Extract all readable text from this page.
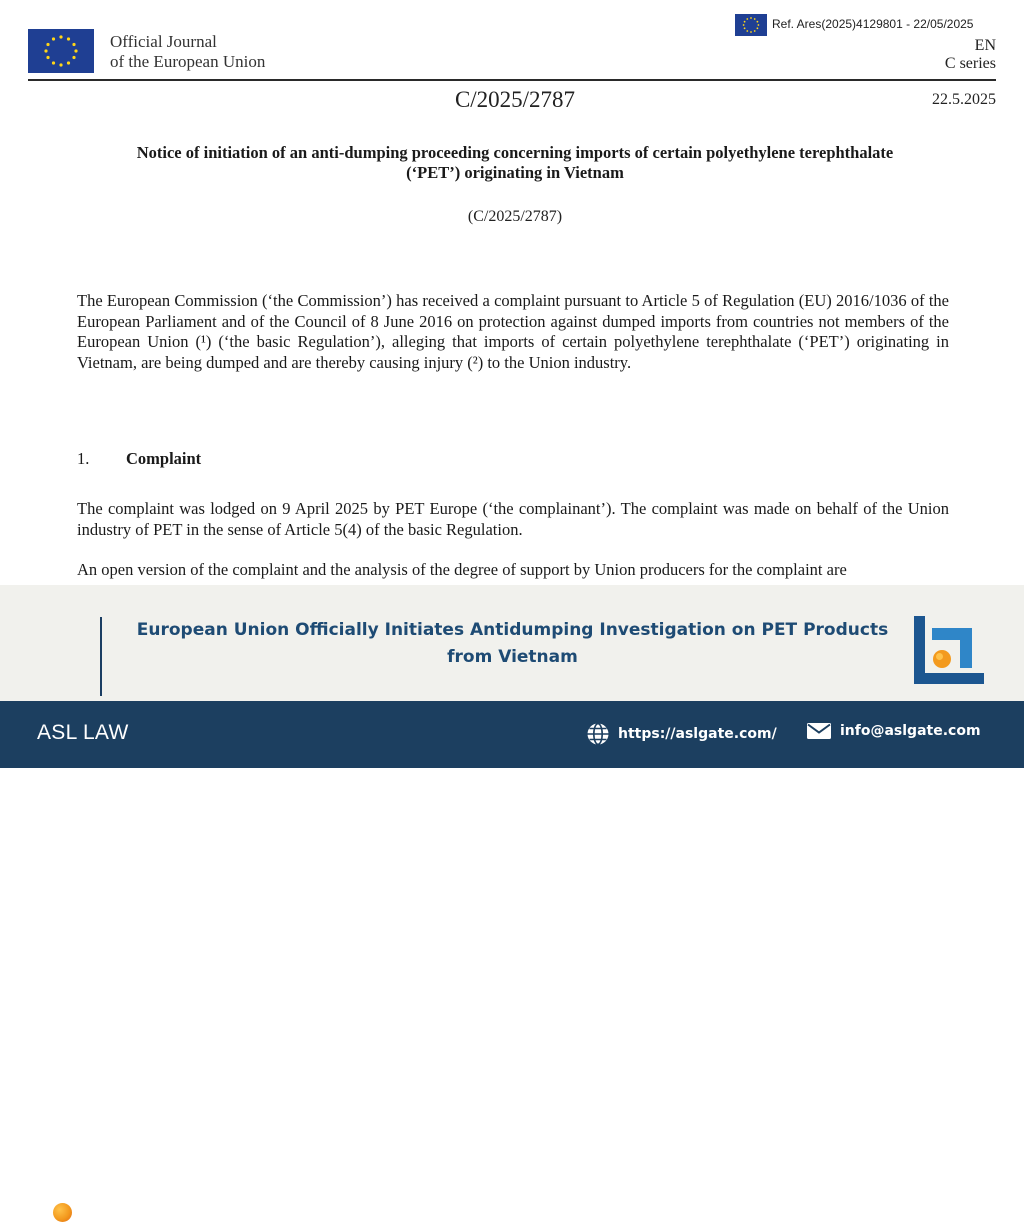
Official Journal
of the European Union
Ref. Ares(2025)4129801 - 22/05/2025
EN
C series
C/2025/2787	22.5.2025
Notice of initiation of an anti-dumping proceeding concerning imports of certain polyethylene terephthalate (‘PET’) originating in Vietnam
(C/2025/2787)
The European Commission (‘the Commission’) has received a complaint pursuant to Article 5 of Regulation (EU) 2016/1036 of the European Parliament and of the Council of 8 June 2016 on protection against dumped imports from countries not members of the European Union (¹) (‘the basic Regulation’), alleging that imports of certain polyethylene terephthalate (‘PET’) originating in Vietnam, are being dumped and are thereby causing injury (²) to the Union industry.
1. Complaint
The complaint was lodged on 9 April 2025 by PET Europe (‘the complainant’). The complaint was made on behalf of the Union industry of PET in the sense of Article 5(4) of the basic Regulation.
An open version of the complaint and the analysis of the degree of support by Union producers for the complaint are
European Union Officially Initiates Antidumping Investigation on PET Products from Vietnam
ASL LAW	https://aslgate.com/	info@aslgate.com
